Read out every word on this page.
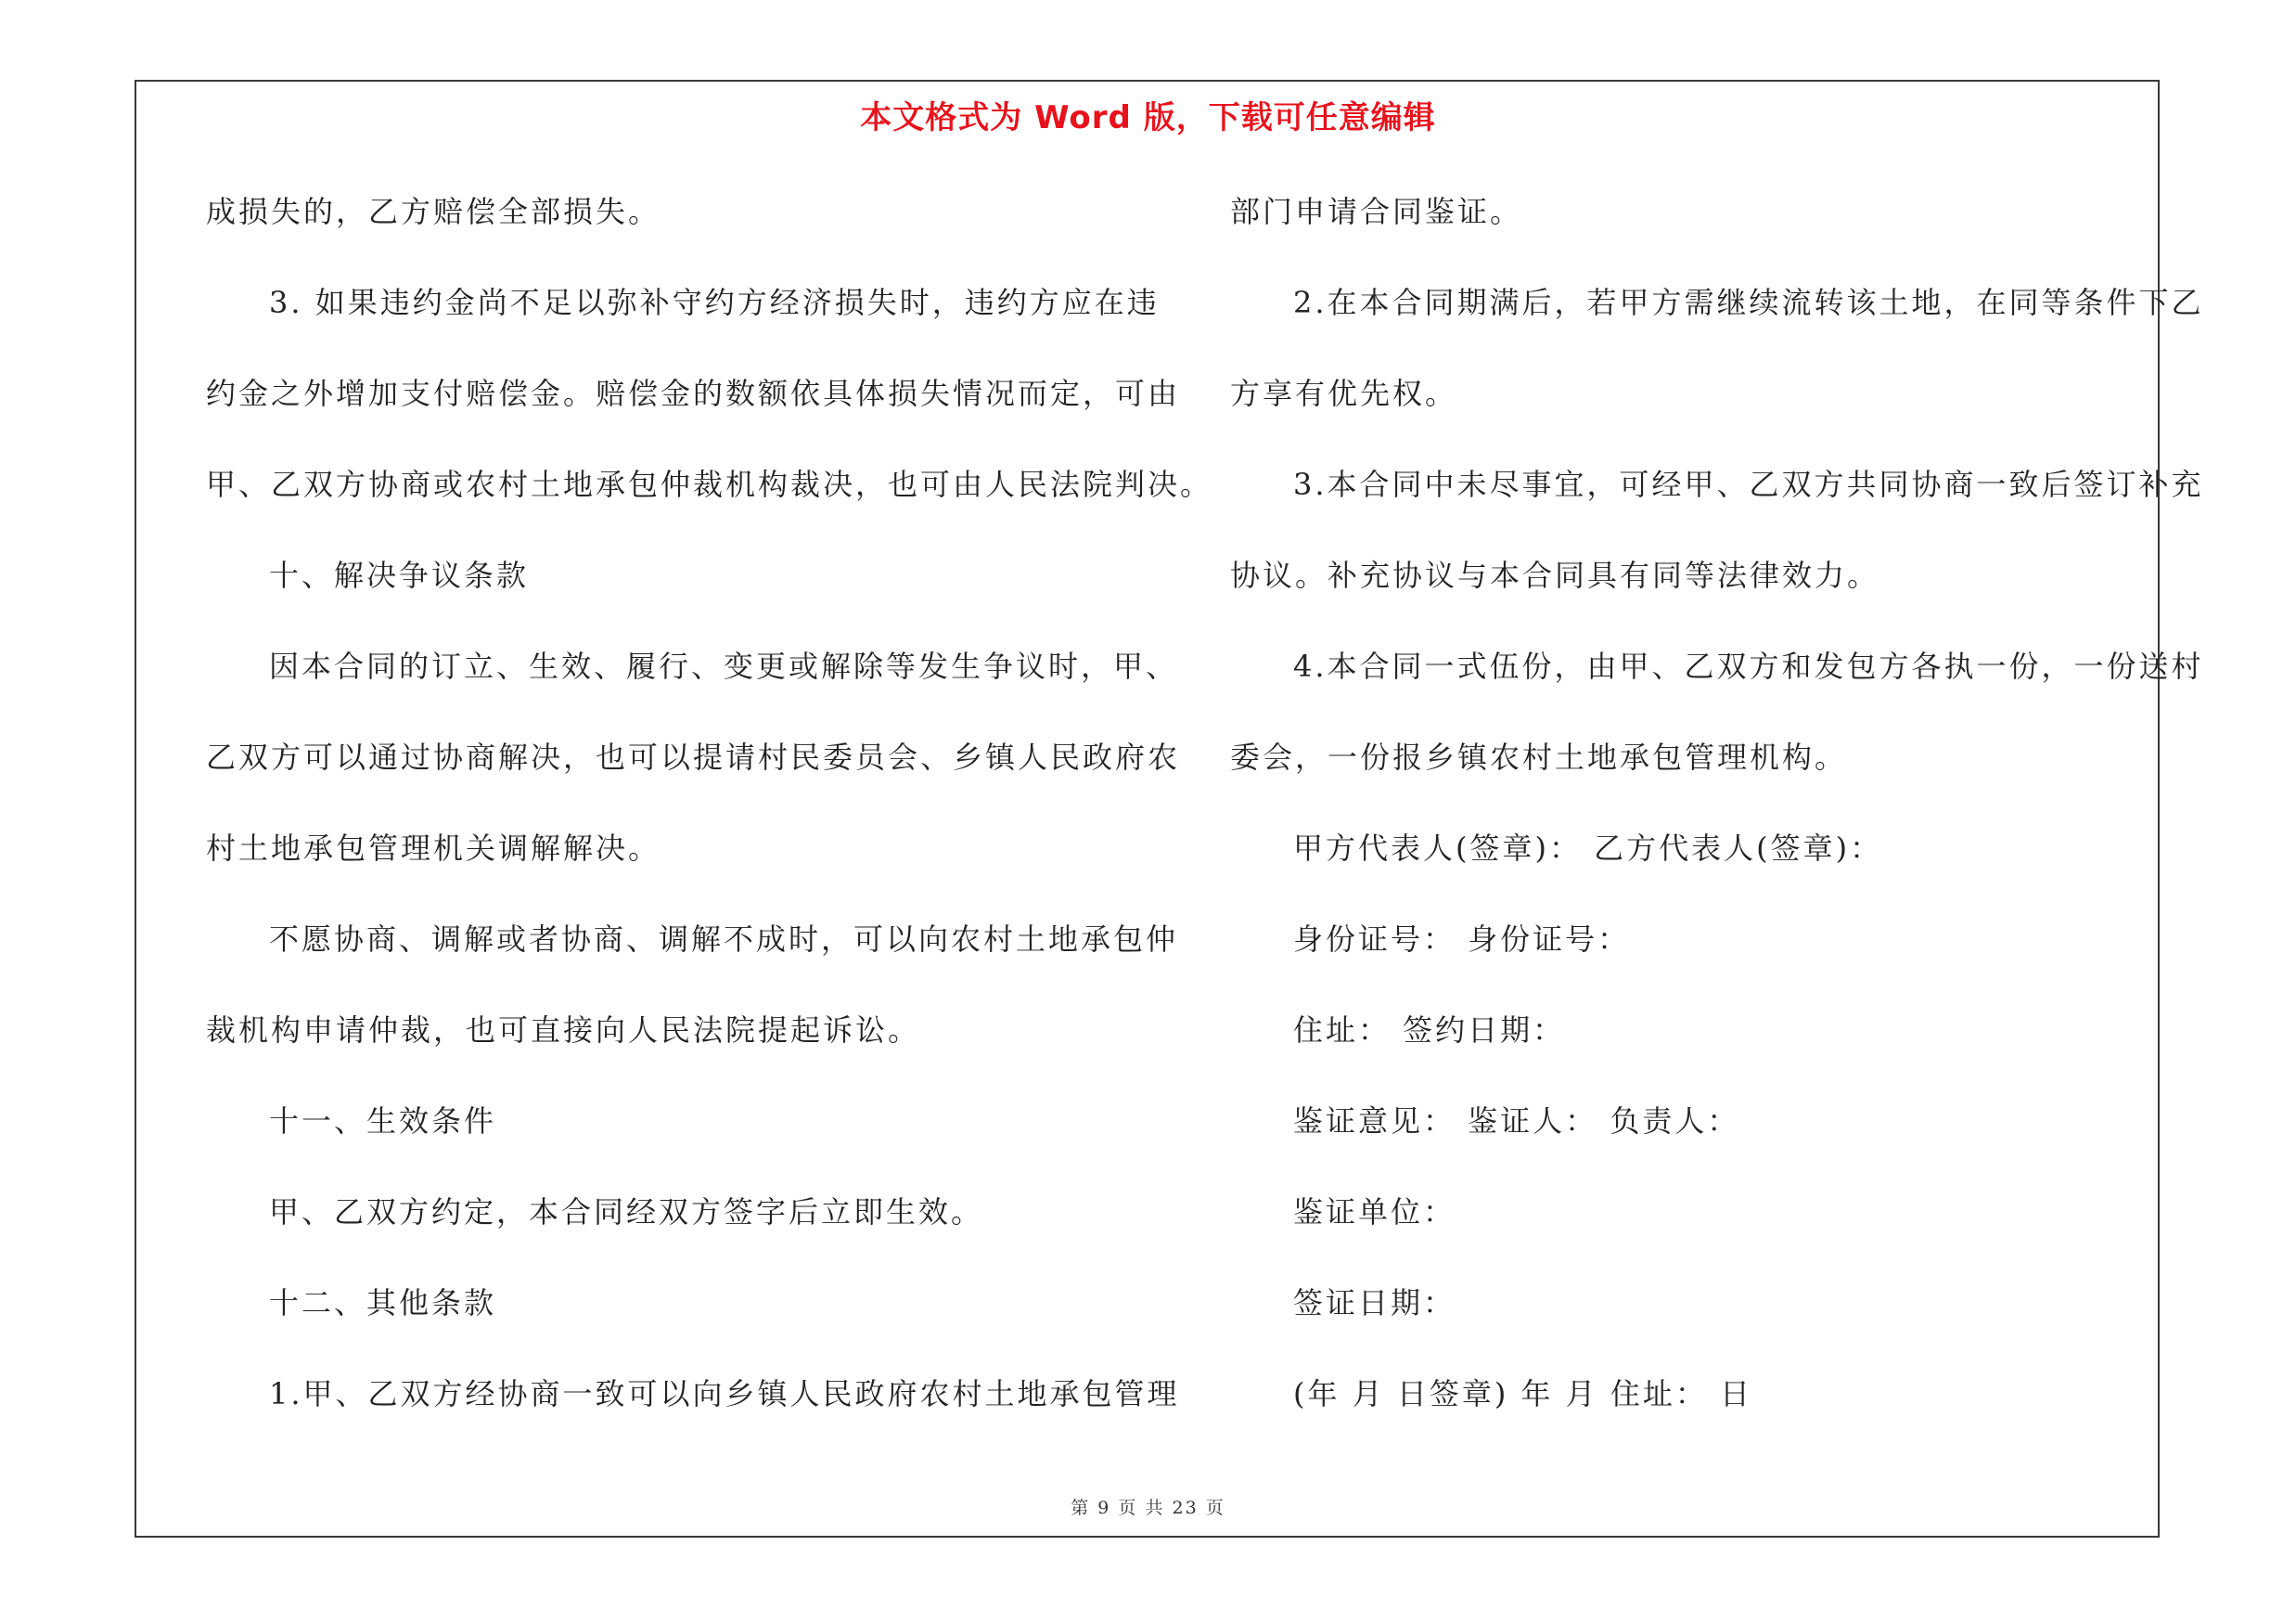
本文格式为 Word 版，下载可任意编辑
成损失的，乙方赔偿全部损失。
3. 如果违约金尚不足以弥补守约方经济损失时，违约方应在违
约金之外增加支付赔偿金。赔偿金的数额依具体损失情况而定，可由
甲、乙双方协商或农村土地承包仲裁机构裁决，也可由人民法院判决。
十、解决争议条款
因本合同的订立、生效、履行、变更或解除等发生争议时，甲、
乙双方可以通过协商解决，也可以提请村民委员会、乡镇人民政府农
村土地承包管理机关调解解决。
不愿协商、调解或者协商、调解不成时，可以向农村土地承包仲
裁机构申请仲裁，也可直接向人民法院提起诉讼。
十一、生效条件
甲、乙双方约定，本合同经双方签字后立即生效。
十二、其他条款
1.甲、乙双方经协商一致可以向乡镇人民政府农村土地承包管理
部门申请合同鉴证。
2.在本合同期满后，若甲方需继续流转该土地，在同等条件下乙
方享有优先权。
3.本合同中未尽事宜，可经甲、乙双方共同协商一致后签订补充
协议。补充协议与本合同具有同等法律效力。
4.本合同一式伍份，由甲、乙双方和发包方各执一份，一份送村
委会，一份报乡镇农村土地承包管理机构。
甲方代表人(签章)： 乙方代表人(签章)：
身份证号： 身份证号：
住址： 签约日期：
鉴证意见： 鉴证人： 负责人：
鉴证单位：
签证日期：
(年 月 日签章) 年 月 住址： 日
第 9 页 共 23 页
